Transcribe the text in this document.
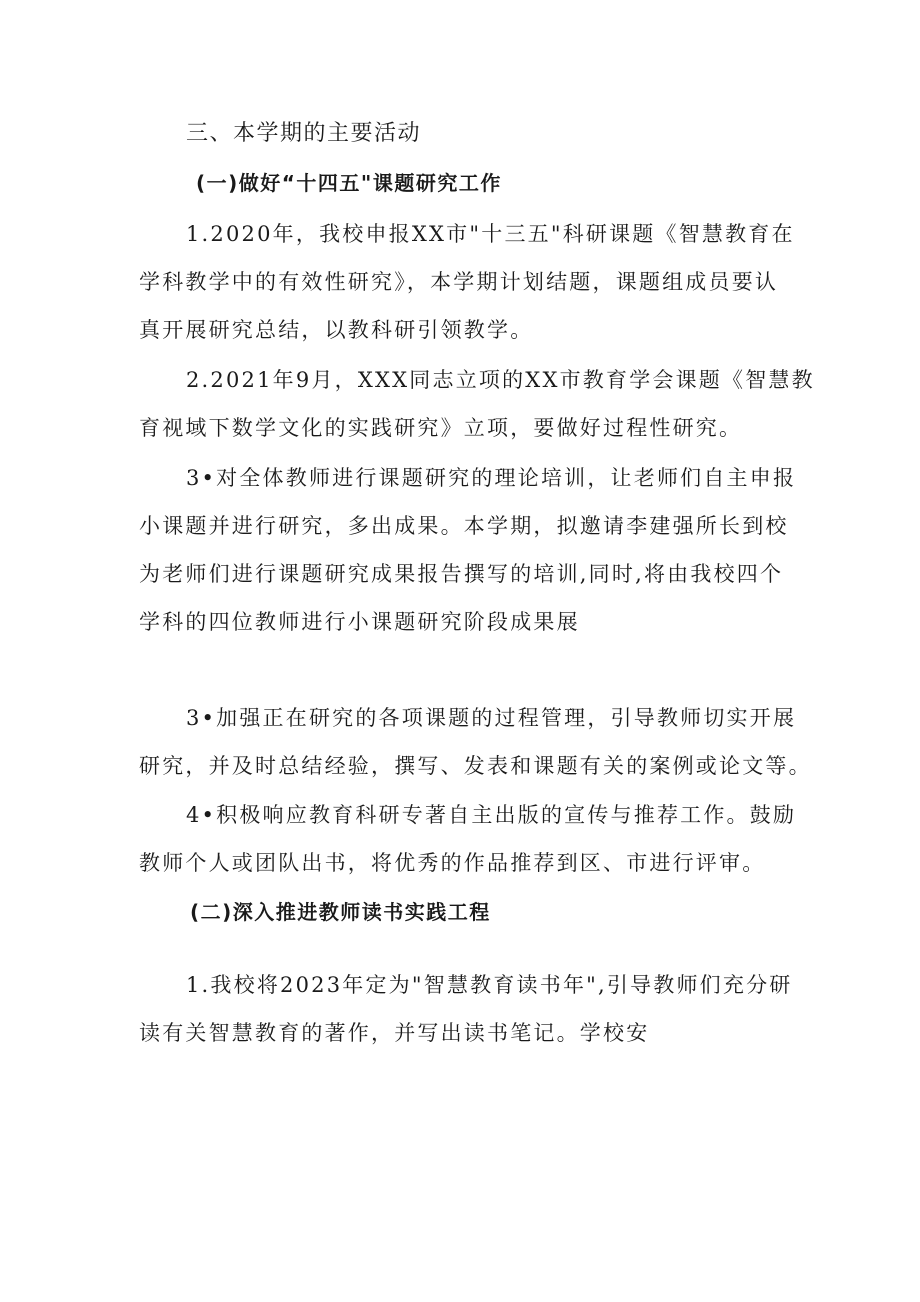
三、本学期的主要活动
(一)做好“十四五"课题研究工作
1.2020年，我校申报XX市"十三五"科研课题《智慧教育在
学科教学中的有效性研究》，本学期计划结题，课题组成员要认
真开展研究总结，以教科研引领教学。
2.2021年9月，XXX同志立项的XX市教育学会课题《智慧教
育视域下数学文化的实践研究》立项，要做好过程性研究。
3•对全体教师进行课题研究的理论培训，让老师们自主申报
小课题并进行研究，多出成果。本学期，拟邀请李建强所长到校
为老师们进行课题研究成果报告撰写的培训,同时,将由我校四个
学科的四位教师进行小课题研究阶段成果展
3•加强正在研究的各项课题的过程管理，引导教师切实开展
研究，并及时总结经验，撰写、发表和课题有关的案例或论文等。
4•积极响应教育科研专著自主出版的宣传与推荐工作。鼓励
教师个人或团队出书，将优秀的作品推荐到区、市进行评审。
(二)深入推进教师读书实践工程
1.我校将2023年定为"智慧教育读书年",引导教师们充分研
读有关智慧教育的著作，并写出读书笔记。学校安
